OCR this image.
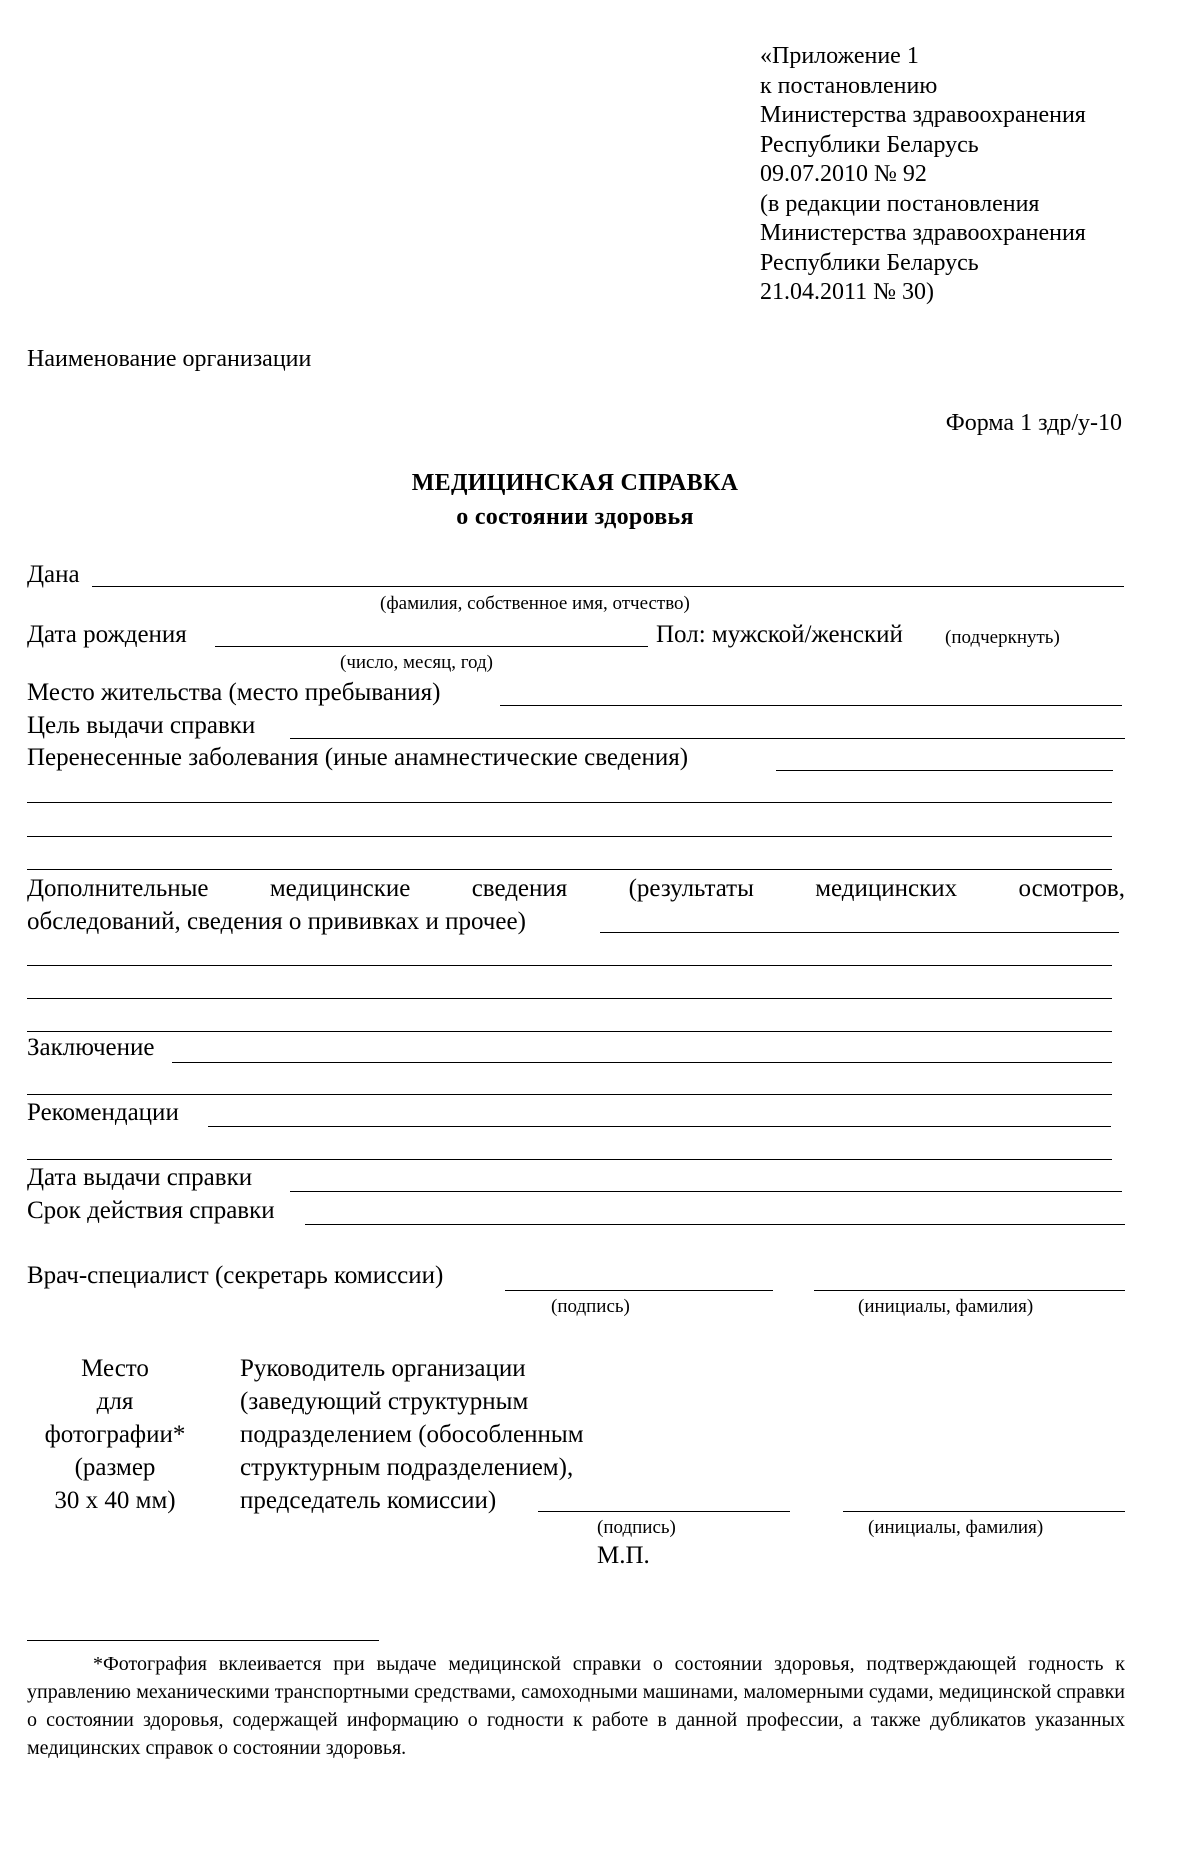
«Приложение 1
к постановлению
Министерства здравоохранения
Республики Беларусь
09.07.2010 № 92
(в редакции постановления
Министерства здравоохранения
Республики Беларусь
21.04.2011 № 30)
Наименование организации
Форма 1 здр/у-10
МЕДИЦИНСКАЯ СПРАВКА
о состоянии здоровья
Дана
(фамилия, собственное имя, отчество)
Дата рождения	Пол: мужской/женский (подчеркнуть)
(число, месяц, год)
Место жительства (место пребывания)
Цель выдачи справки
Перенесенные заболевания (иные анамнестические сведения)
Дополнительные медицинские сведения (результаты медицинских осмотров,
обследований, сведения о прививках и прочее)
Заключение
Рекомендации
Дата выдачи справки
Срок действия справки
Врач-специалист (секретарь комиссии)
(подпись)	(инициалы, фамилия)
Место
для
фотографии*
(размер
30 х 40 мм)
Руководитель организации
(заведующий структурным
подразделением (обособленным
структурным подразделением),
председатель комиссии)
(подпись)	(инициалы, фамилия)
М.П.

*Фотография вклеивается при выдаче медицинской справки о состоянии здоровья, подтверждающей годность к управлению механическими транспортными средствами, самоходными машинами, маломерными судами, медицинской справки о состоянии здоровья, содержащей информацию о годности к работе в данной профессии, а также дубликатов указанных медицинских справок о состоянии здоровья.
